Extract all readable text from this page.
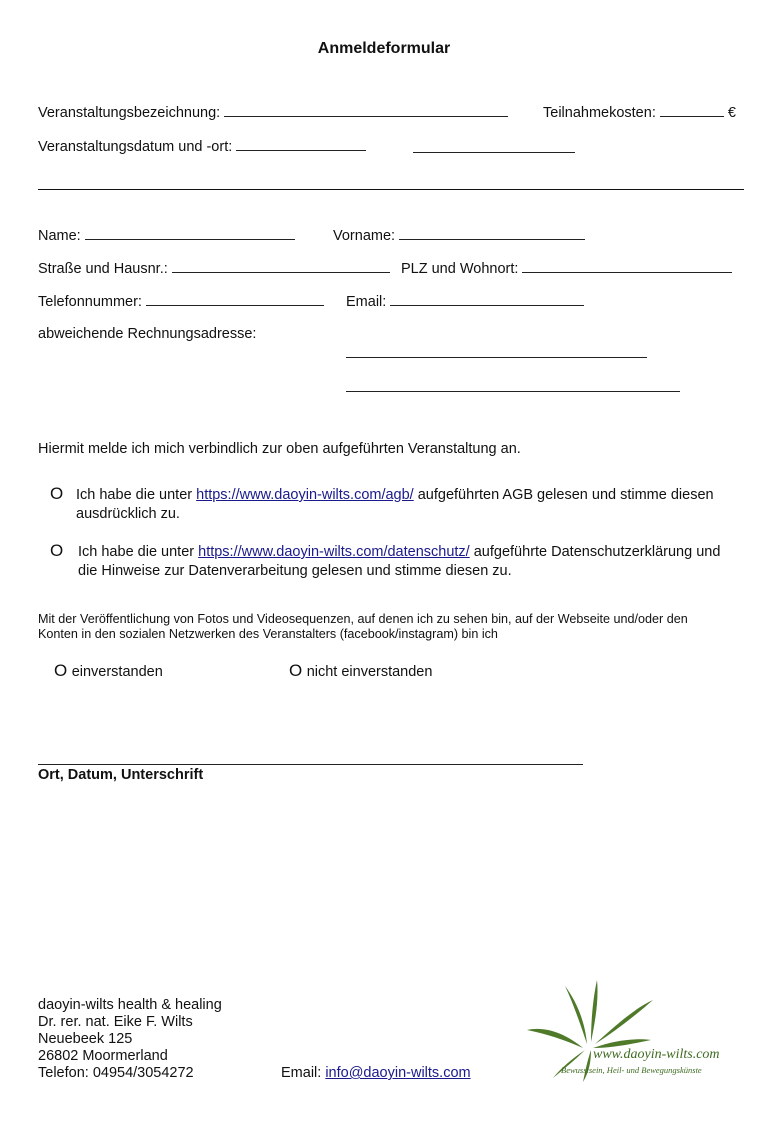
Anmeldeformular
Veranstaltungsbezeichnung:	Teilnahmekosten:	€
Veranstaltungsdatum und -ort:
Name:	Vorname:
Straße und Hausnr.:	PLZ und Wohnort:
Telefonnummer:	Email:
abweichende Rechnungsadresse:
Hiermit melde ich mich verbindlich zur oben aufgeführten Veranstaltung an.
O Ich habe die unter https://www.daoyin-wilts.com/agb/ aufgeführten AGB gelesen und stimme diesen
ausdrücklich zu.
O Ich habe die unter https://www.daoyin-wilts.com/datenschutz/ aufgeführte Datenschutzerklärung und
die Hinweise zur Datenverarbeitung gelesen und stimme diesen zu.
Mit der Veröffentlichung von Fotos und Videosequenzen, auf denen ich zu sehen bin, auf der Webseite und/oder den
Konten in den sozialen Netzwerken des Veranstalters (facebook/instagram) bin ich
O einverstanden	O nicht einverstanden
Ort, Datum, Unterschrift
daoyin-wilts health & healing
Dr. rer. nat. Eike F. Wilts
Neuebeek 125
26802 Moormerland
Telefon: 04954/3054272	Email: info@daoyin-wilts.com
www.daoyin-wilts.com
Bewusstsein, Heil- und Bewegungskünste
